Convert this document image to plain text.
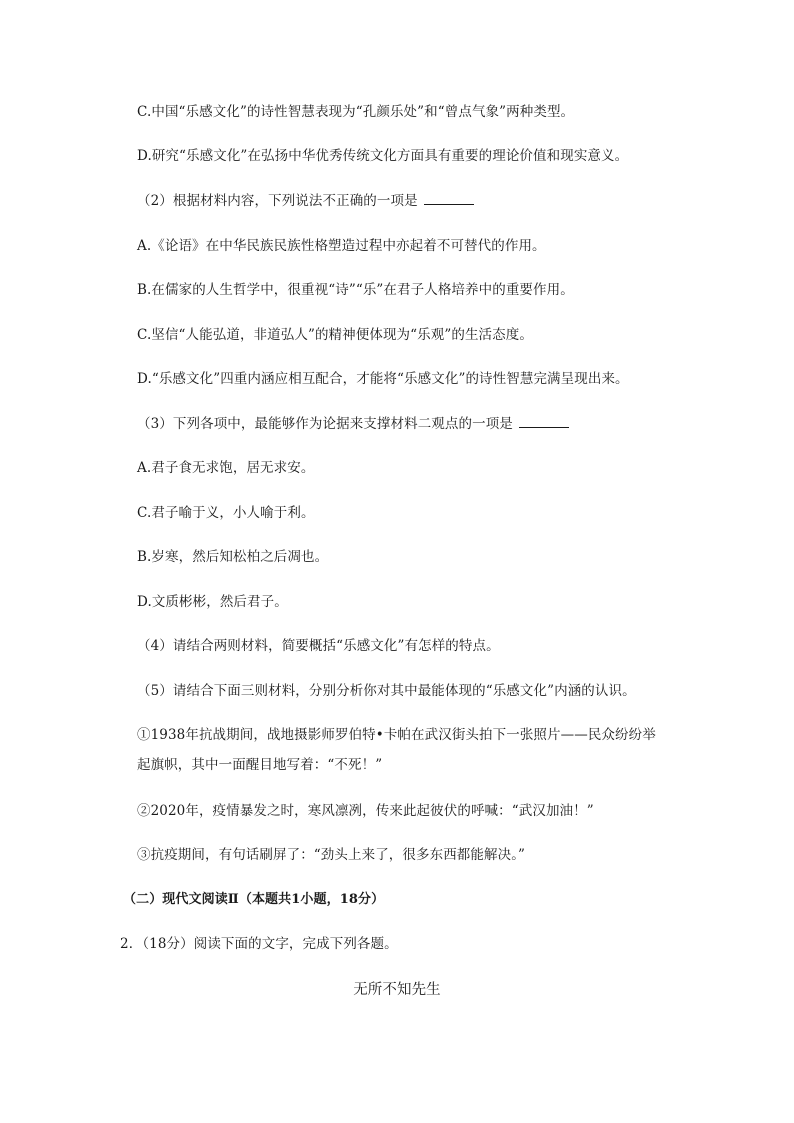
C.中国“乐感文化”的诗性智慧表现为“孔颜乐处”和“曾点气象”两种类型。
D.研究“乐感文化”在弘扬中华优秀传统文化方面具有重要的理论价值和现实意义。
（2）根据材料内容，下列说法不正确的一项是
A.《论语》在中华民族民族性格塑造过程中亦起着不可替代的作用。
B.在儒家的人生哲学中，很重视“诗”“乐”在君子人格培养中的重要作用。
C.坚信“人能弘道，非道弘人”的精神便体现为“乐观”的生活态度。
D.“乐感文化”四重内涵应相互配合，才能将“乐感文化”的诗性智慧完满呈现出来。
（3）下列各项中，最能够作为论据来支撑材料二观点的一项是
A.君子食无求饱，居无求安。
C.君子喻于义，小人喻于利。
B.岁寒，然后知松柏之后凋也。
D.文质彬彬，然后君子。
（4）请结合两则材料，简要概括“乐感文化”有怎样的特点。
（5）请结合下面三则材料，分别分析你对其中最能体现的“乐感文化”内涵的认识。
①1938年抗战期间，战地摄影师罗伯特•卡帕在武汉街头拍下一张照片——民众纷纷举
起旗帜，其中一面醒目地写着：“不死！”
②2020年，疫情暴发之时，寒风凛冽，传来此起彼伏的呼喊：“武汉加油！”
③抗疫期间，有句话刷屏了：“劲头上来了，很多东西都能解决。”
（二）现代文阅读Ⅱ（本题共1小题，18分）
2．（18分）阅读下面的文字，完成下列各题。
无所不知先生
